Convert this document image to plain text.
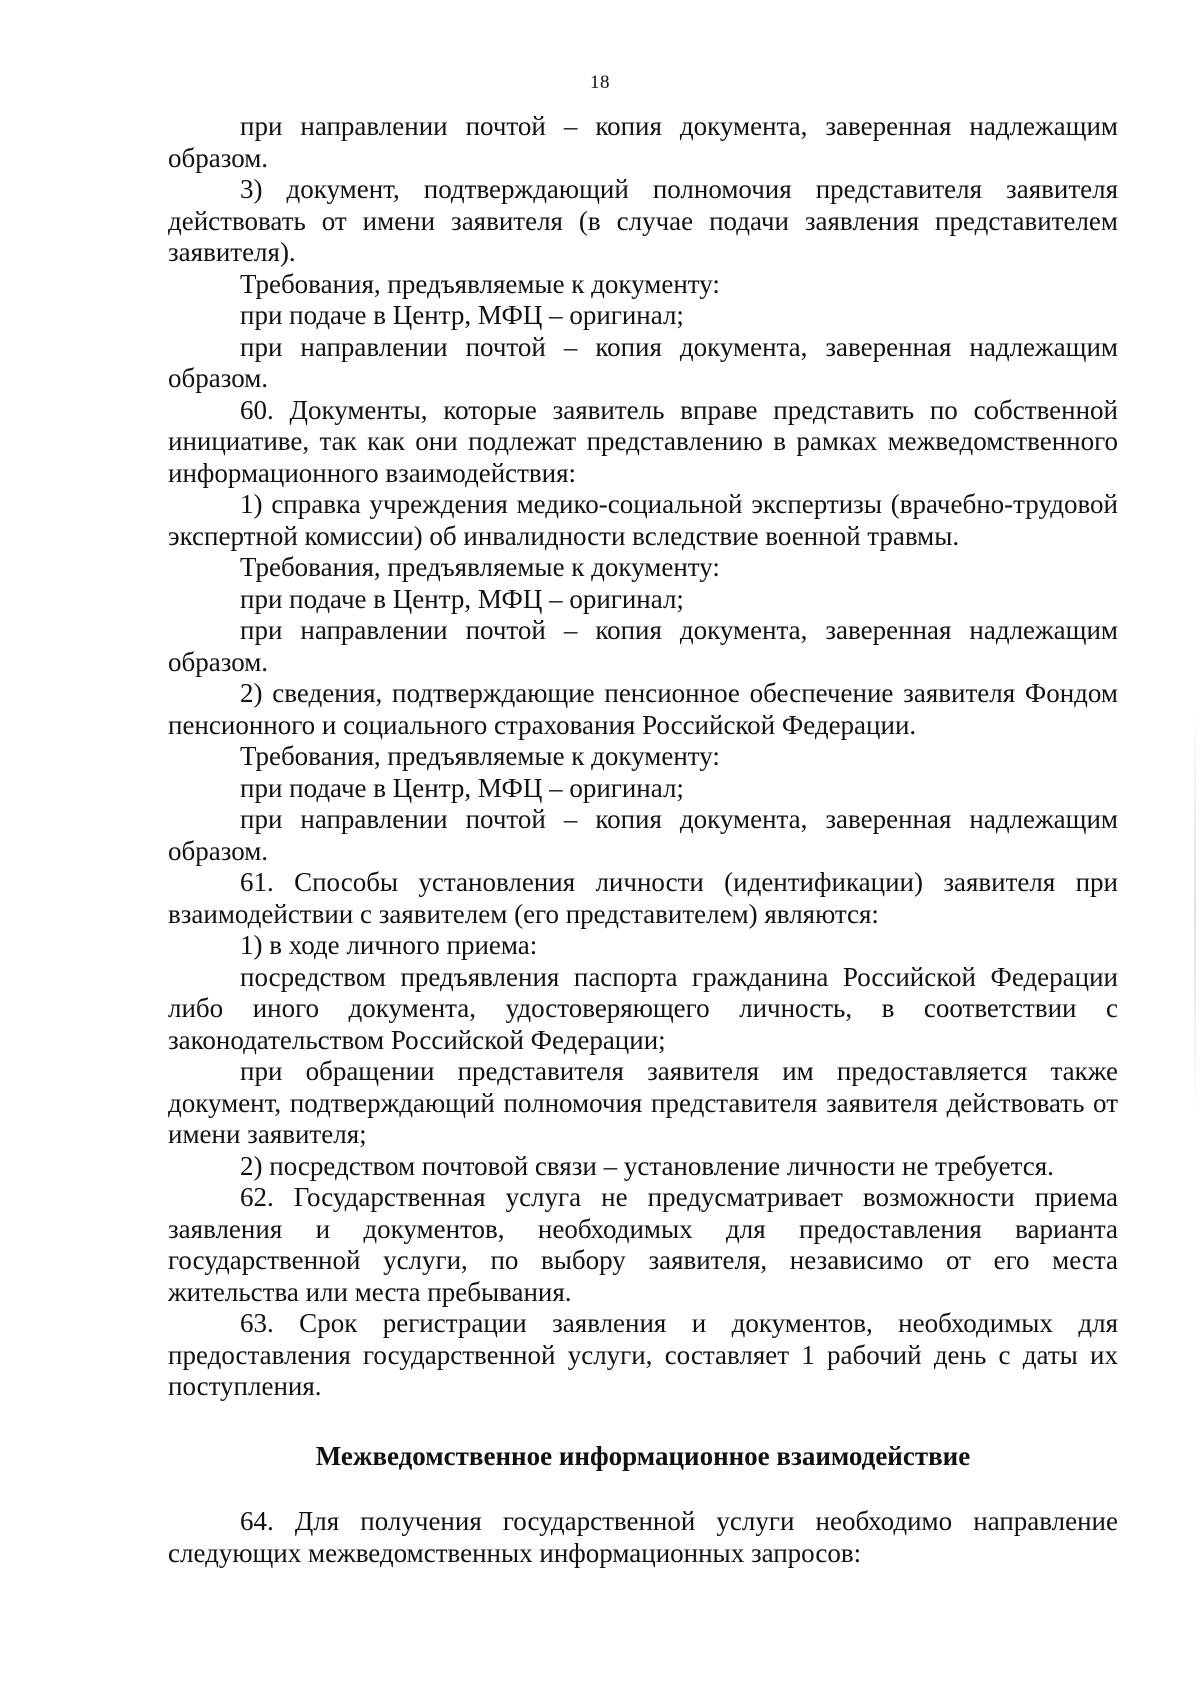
18

при направлении почтой – копия документа, заверенная надлежащим образом.

3) документ, подтверждающий полномочия представителя заявителя действовать от имени заявителя (в случае подачи заявления представителем заявителя).

Требования, предъявляемые к документу:

при подаче в Центр, МФЦ – оригинал;

при направлении почтой – копия документа, заверенная надлежащим образом.

60. Документы, которые заявитель вправе представить по собственной инициативе, так как они подлежат представлению в рамках межведомственного информационного взаимодействия:

1) справка учреждения медико-социальной экспертизы (врачебно-трудовой экспертной комиссии) об инвалидности вследствие военной травмы.

Требования, предъявляемые к документу:

при подаче в Центр, МФЦ – оригинал;

при направлении почтой – копия документа, заверенная надлежащим образом.

2) сведения, подтверждающие пенсионное обеспечение заявителя Фондом пенсионного и социального страхования Российской Федерации.

Требования, предъявляемые к документу:

при подаче в Центр, МФЦ – оригинал;

при направлении почтой – копия документа, заверенная надлежащим образом.

61. Способы установления личности (идентификации) заявителя при взаимодействии с заявителем (его представителем) являются:

1) в ходе личного приема:

посредством предъявления паспорта гражданина Российской Федерации либо иного документа, удостоверяющего личность, в соответствии с законодательством Российской Федерации;

при обращении представителя заявителя им предоставляется также документ, подтверждающий полномочия представителя заявителя действовать от имени заявителя;

2) посредством почтовой связи – установление личности не требуется.

62. Государственная услуга не предусматривает возможности приема заявления и документов, необходимых для предоставления варианта государственной услуги, по выбору заявителя, независимо от его места жительства или места пребывания.

63. Срок регистрации заявления и документов, необходимых для предоставления государственной услуги, составляет 1 рабочий день с даты их поступления.

Межведомственное информационное взаимодействие

64. Для получения государственной услуги необходимо направление следующих межведомственных информационных запросов:
